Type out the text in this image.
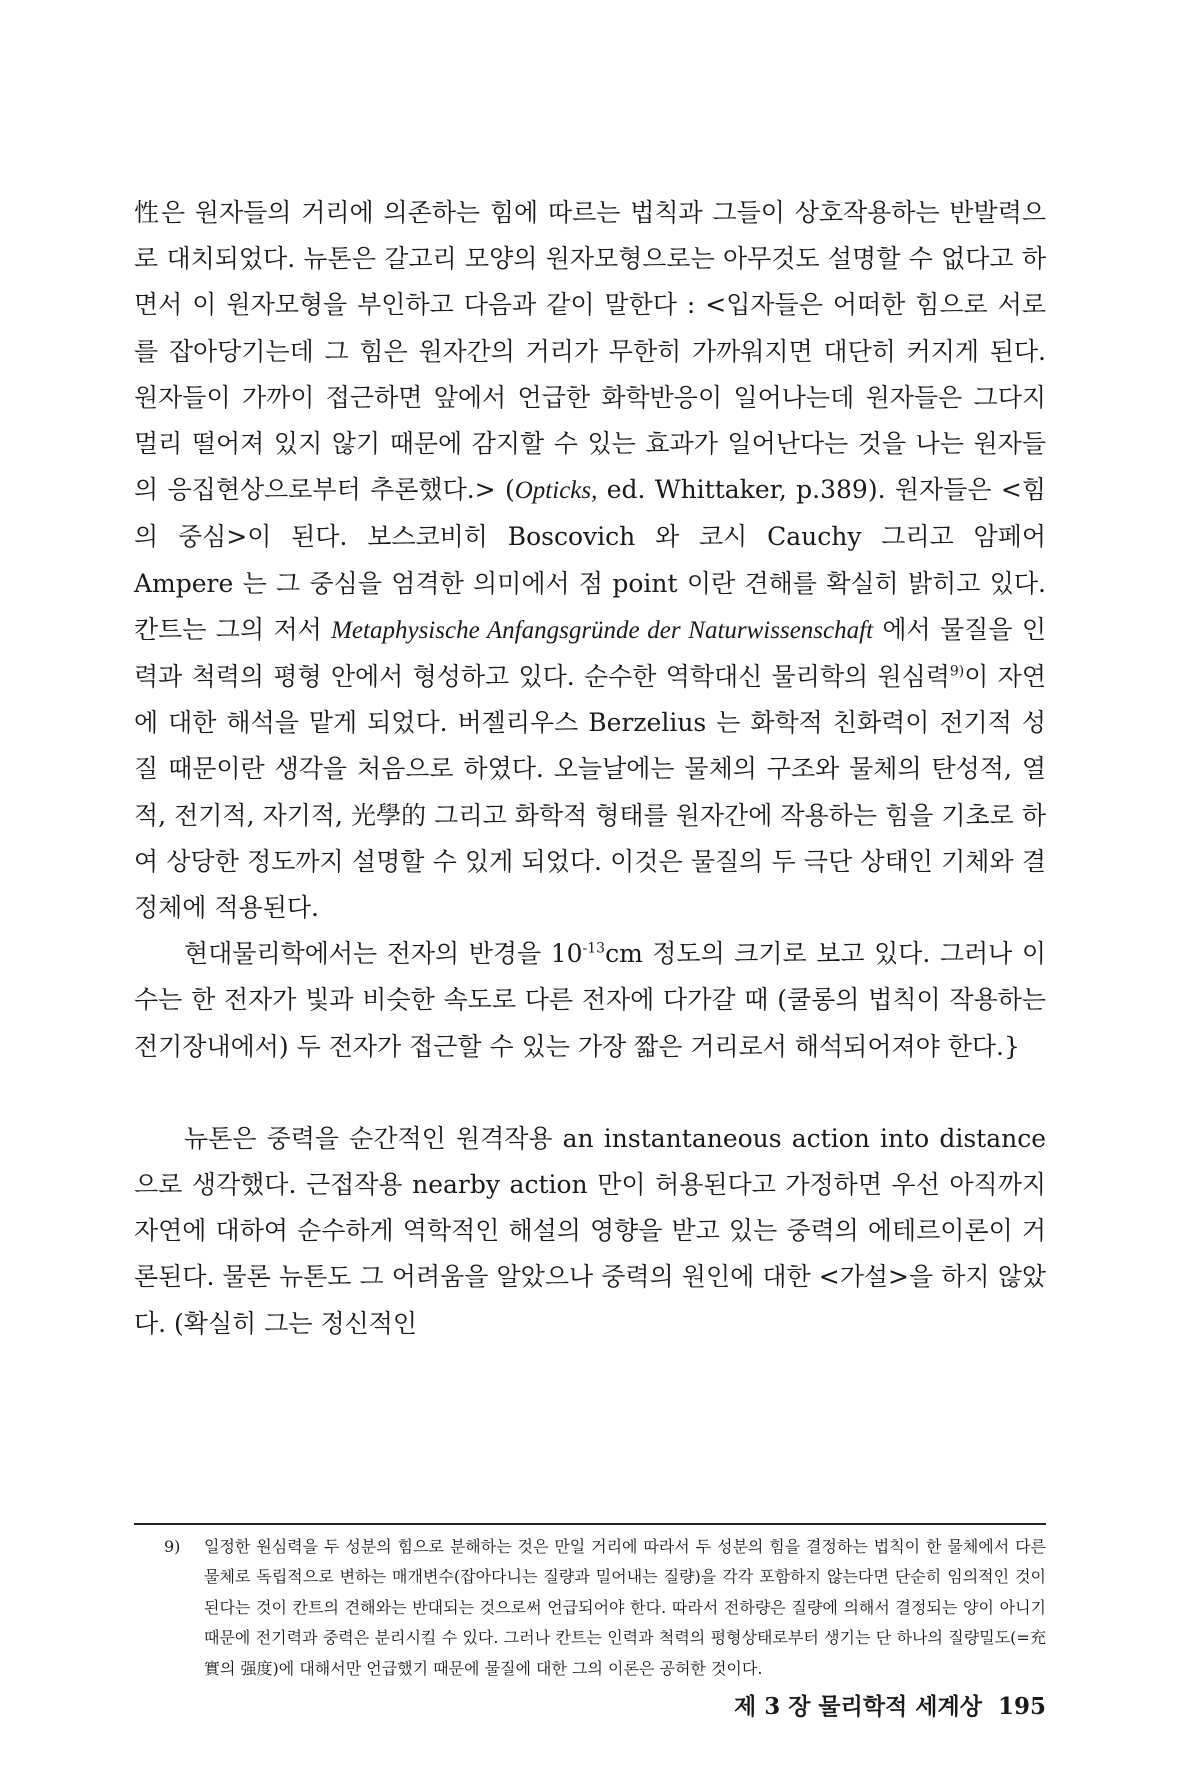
性은 원자들의 거리에 의존하는 힘에 따르는 법칙과 그들이 상호작용하는 반발력으로 대치되었다. 뉴톤은 갈고리 모양의 원자모형으로는 아무것도 설명할 수 없다고 하면서 이 원자모형을 부인하고 다음과 같이 말한다 : <입자들은 어떠한 힘으로 서로를 잡아당기는데 그 힘은 원자간의 거리가 무한히 가까워지면 대단히 커지게 된다. 원자들이 가까이 접근하면 앞에서 언급한 화학반응이 일어나는데 원자들은 그다지 멀리 떨어져 있지 않기 때문에 감지할 수 있는 효과가 일어난다는 것을 나는 원자들의 응집현상으로부터 추론했다.> (Opticks, ed. Whittaker, p.389). 원자들은 <힘의 중심>이 된다. 보스코비히 Boscovich 와 코시 Cauchy 그리고 암페어 Ampere 는 그 중심을 엄격한 의미에서 점 point 이란 견해를 확실히 밝히고 있다. 칸트는 그의 저서 Metaphysische Anfangsgründe der Naturwissenschaft 에서 물질을 인력과 척력의 평형 안에서 형성하고 있다. 순수한 역학대신 물리학의 원심력$^{9)}$이 자연에 대한 해석을 맡게 되었다. 버젤리우스 Berzelius 는 화학적 친화력이 전기적 성질 때문이란 생각을 처음으로 하였다. 오늘날에는 물체의 구조와 물체의 탄성적, 열적, 전기적, 자기적, 光學的 그리고 화학적 형태를 원자간에 작용하는 힘을 기초로 하여 상당한 정도까지 설명할 수 있게 되었다. 이것은 물질의 두 극단 상태인 기체와 결정체에 적용된다.

현대물리학에서는 전자의 반경을 $10^{-13}cm$ 정도의 크기로 보고 있다. 그러나 이 수는 한 전자가 빛과 비슷한 속도로 다른 전자에 다가갈 때 (쿨롱의 법칙이 작용하는 전기장내에서) 두 전자가 접근할 수 있는 가장 짧은 거리로서 해석되어져야 한다.}

뉴톤은 중력을 순간적인 원격작용 an instantaneous action into distance 으로 생각했다. 근접작용 nearby action 만이 허용된다고 가정하면 우선 아직까지 자연에 대하여 순수하게 역학적인 해설의 영향을 받고 있는 중력의 에테르이론이 거론된다. 물론 뉴톤도 그 어려움을 알았으나 중력의 원인에 대한 <가설>을 하지 않았다. (확실히 그는 정신적인

9) 일정한 원심력을 두 성분의 힘으로 분해하는 것은 만일 거리에 따라서 두 성분의 힘을 결정하는 법칙이 한 물체에서 다른 물체로 독립적으로 변하는 매개변수(잡아다니는 질량과 밀어내는 질량)을 각각 포함하지 않는다면 단순히 임의적인 것이 된다는 것이 칸트의 견해와는 반대되는 것으로써 언급되어야 한다. 따라서 전하량은 질량에 의해서 결정되는 양이 아니기 때문에 전기력과 중력은 분리시킬 수 있다. 그러나 칸트는 인력과 척력의 평형상태로부터 생기는 단 하나의 질량밀도(=充實의 强度)에 대해서만 언급했기 때문에 물질에 대한 그의 이론은 공허한 것이다.
제 3 장 물리학적 세계상 195
